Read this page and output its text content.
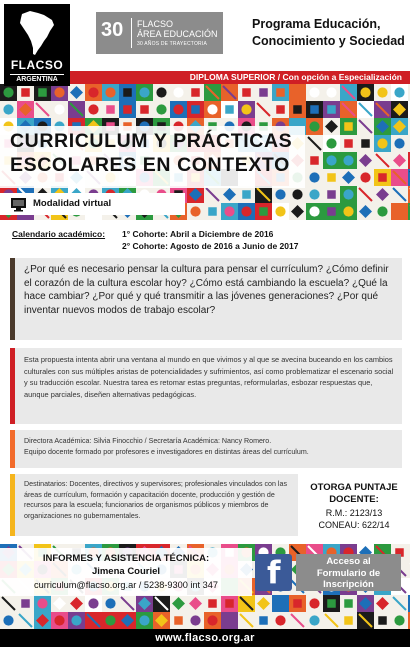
FLACSO
ARGENTINA
30 FLACSO
ÁREA EDUCACIÓN
30 AÑOS DE TRAYECTORIA
Programa Educación,
Conocimiento y Sociedad
DIPLOMA SUPERIOR / Con opción a Especialización
CURRICULUM Y PRÁCTICAS
ESCOLARES EN CONTEXTO
Modalidad virtual
Calendario académico: 1° Cohorte: Abril a Diciembre de 2016
2° Cohorte: Agosto de 2016 a Junio de 2017
¿Por qué es necesario pensar la cultura para pensar el currículum? ¿Cómo definir el corazón de la cultura escolar hoy? ¿Cómo está cambiando la escuela? ¿Qué la hace cambiar? ¿Por qué y qué transmitir a las jóvenes generaciones? ¿Por qué inventar nuevos modos de trabajo escolar?
Esta propuesta intenta abrir una ventana al mundo en que vivimos y al que se avecina buceando en los cambios culturales con sus múltiples aristas de potencialidades y sufrimientos, así como problematizar el escenario social y su traducción escolar. Nuestra tarea es retomar estas preguntas, reformularlas, esbozar respuestas que, aunque parciales, diseñen alternativas pedagógicas.
Directora Académica: Silvia Finocchio / Secretaría Académica: Nancy Romero.
Equipo docente formado por profesores e investigadores en distintas áreas del currículum.
Destinatarios: Docentes, directivos y supervisores; profesionales vinculados con las áreas de currículum, formación y capacitación docente, producción y gestión de recursos para la escuela; funcionarios de organismos públicos y miembros de organizaciones no gubernamentales.
OTORGA PUNTAJE
DOCENTE:
R.M.: 2123/13
CONEAU: 622/14
INFORMES Y ASISTENCIA TÉCNICA:
Jimena Couriel
curriculum@flacso.org.ar / 5238-9300 int 347	f	Acceso al
Formulario de
Inscripción
www.flacso.org.ar
